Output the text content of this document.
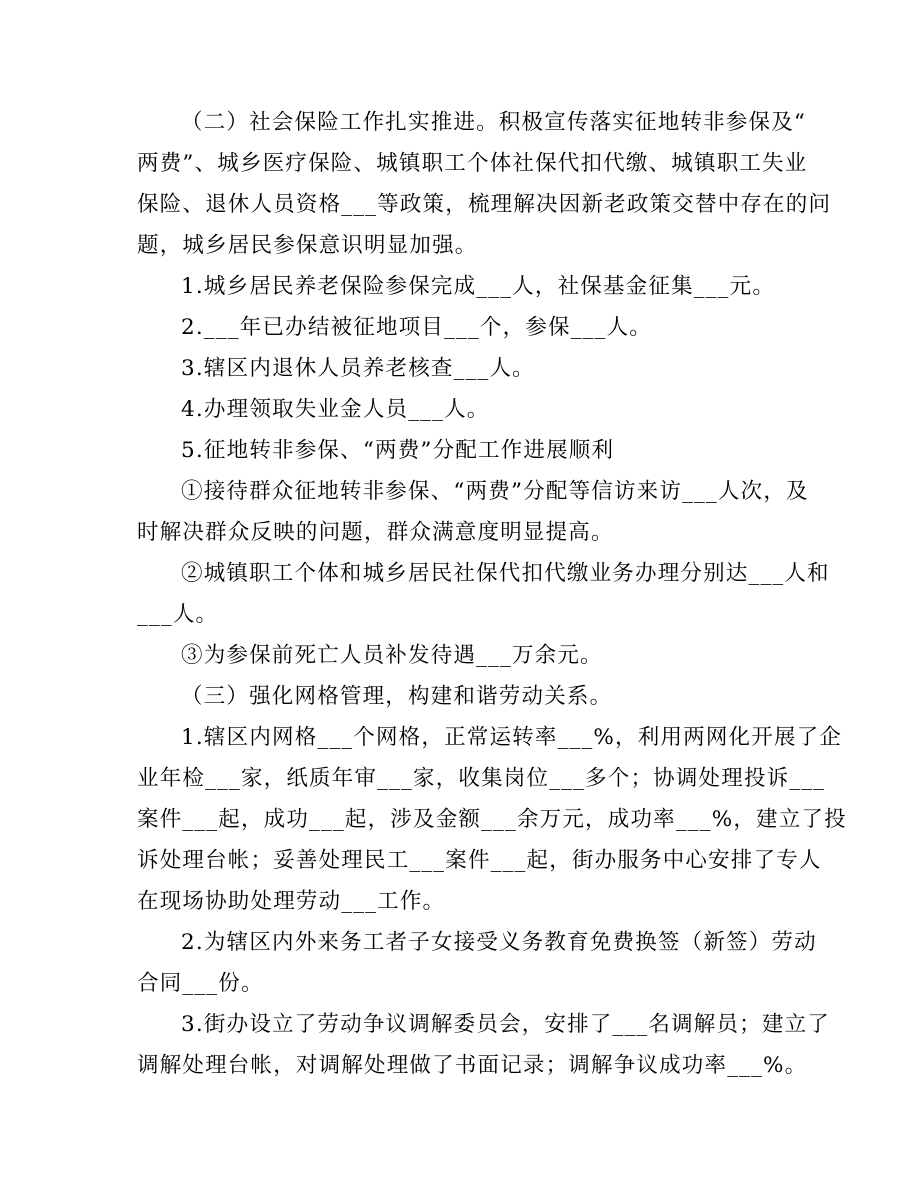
（二）社会保险工作扎实推进。积极宣传落实征地转非参保及“
两费”、城乡医疗保险、城镇职工个体社保代扣代缴、城镇职工失业
保险、退休人员资格___等政策，梳理解决因新老政策交替中存在的问
题，城乡居民参保意识明显加强。
1.城乡居民养老保险参保完成___人，社保基金征集___元。
2.___年已办结被征地项目___个，参保___人。
3.辖区内退休人员养老核查___人。
4.办理领取失业金人员___人。
5.征地转非参保、“两费”分配工作进展顺利
①接待群众征地转非参保、“两费”分配等信访来访___人次，及
时解决群众反映的问题，群众满意度明显提高。
②城镇职工个体和城乡居民社保代扣代缴业务办理分别达___人和
___人。
③为参保前死亡人员补发待遇___万余元。
（三）强化网格管理，构建和谐劳动关系。
1.辖区内网格___个网格，正常运转率___%，利用两网化开展了企
业年检___家，纸质年审___家，收集岗位___多个；协调处理投诉___
案件___起，成功___起，涉及金额___余万元，成功率___%，建立了投
诉处理台帐；妥善处理民工___案件___起，街办服务中心安排了专人
在现场协助处理劳动___工作。
2.为辖区内外来务工者子女接受义务教育免费换签（新签）劳动
合同___份。
3.街办设立了劳动争议调解委员会，安排了___名调解员；建立了
调解处理台帐，对调解处理做了书面记录；调解争议成功率___%。
